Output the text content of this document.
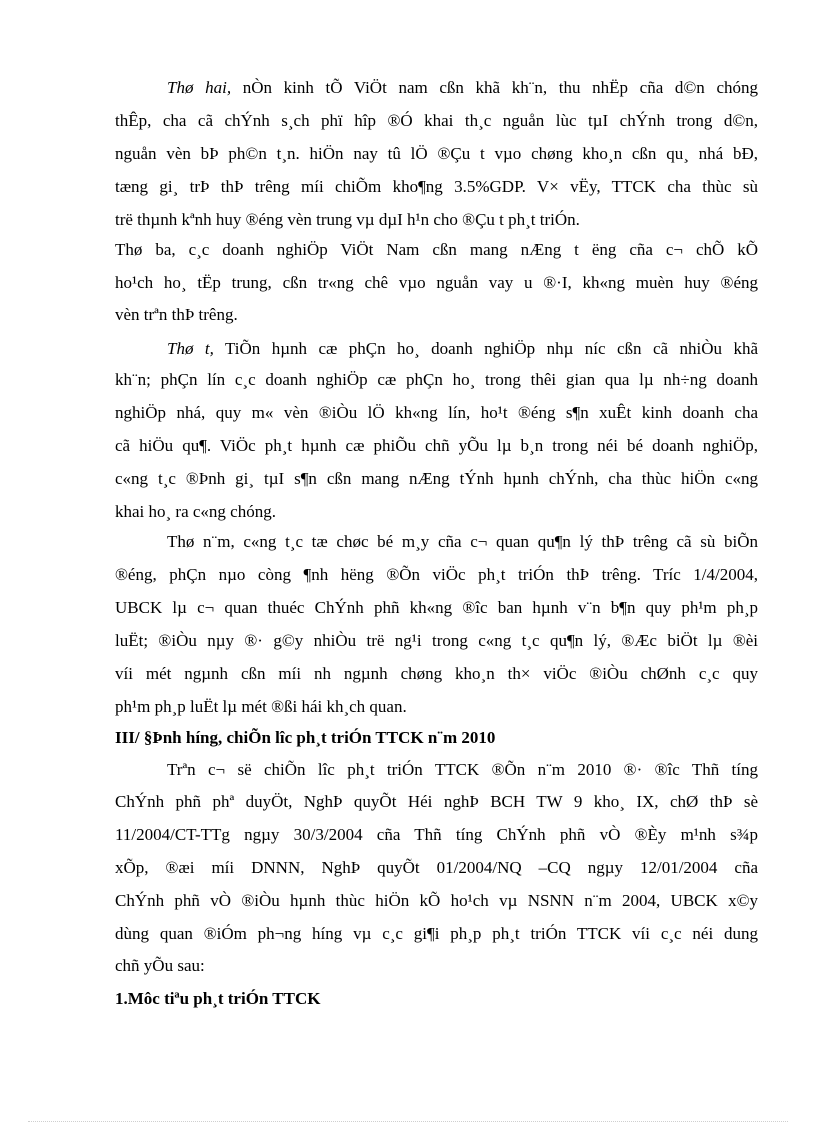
Thø hai, nÒn kinh tÕ ViÖt nam cßn khã kh¨n, thu nhËp cña d©n chóng
thÊp, cha cã chÝnh s¸ch phï hîp ®Ó khai th¸c nguån lùc tµI chÝnh trong d©n,
nguån vèn bÞ ph©n t¸n. hiÖn nay tû lÖ ®Çu t vµo chøng kho¸n cßn qu¸ nhá bÐ,
tæng gi¸ trÞ thÞ trêng míi chiÕm kho¶ng 3.5%GDP. V× vËy, TTCK cha thùc sù
trë thµnh kªnh huy ®éng vèn trung vµ dµI h¹n cho ®Çu t ph¸t triÓn.
Thø ba, c¸c doanh nghiÖp ViÖt Nam cßn mang nÆng t ëng cña c¬ chÕ kÕ
ho¹ch ho¸ tËp trung, cßn tr«ng chê vµo nguån vay u ®·I, kh«ng muèn huy ®éng
vèn trªn thÞ trêng.
Thø t, TiÕn hµnh cæ phÇn ho¸ doanh nghiÖp nhµ níc cßn cã nhiÒu khã
kh¨n; phÇn lín c¸c doanh nghiÖp cæ phÇn ho¸ trong thêi gian qua lµ nh÷ng doanh
nghiÖp nhá, quy m« vèn ®iÒu lÖ kh«ng lín, ho¹t ®éng s¶n xuÊt kinh doanh cha
cã hiÖu qu¶. ViÖc ph¸t hµnh cæ phiÕu chñ yÕu lµ b¸n trong néi bé doanh nghiÖp,
c«ng t¸c ®Þnh gi¸ tµI s¶n cßn mang nÆng tÝnh hµnh chÝnh, cha thùc hiÖn c«ng
khai ho¸ ra c«ng chóng.
Thø n¨m, c«ng t¸c tæ chøc bé m¸y cña c¬ quan qu¶n lý thÞ trêng cã sù biÕn
®éng, phÇn nµo còng ¶nh hëng ®Õn viÖc ph¸t triÓn thÞ trêng. Tríc 1/4/2004,
UBCK lµ c¬ quan thuéc ChÝnh phñ kh«ng ®îc ban hµnh v¨n b¶n quy ph¹m ph¸p
luËt; ®iÒu nµy ®· g©y nhiÒu trë ng¹i trong c«ng t¸c qu¶n lý, ®Æc biÖt lµ ®èi
víi mét ngµnh cßn míi nh ngµnh chøng kho¸n th× viÖc ®iÒu chØnh c¸c quy
ph¹m ph¸p luËt lµ mét ®ßi hái kh¸ch quan.
III/ §Þnh híng, chiÕn lîc ph¸t triÓn TTCK n¨m 2010
Trªn c¬ së chiÕn lîc ph¸t triÓn TTCK ®Õn n¨m 2010 ®· ®îc Thñ tíng
ChÝnh phñ phª duyÖt, NghÞ quyÕt Héi nghÞ BCH TW 9 kho¸ IX, chØ thÞ sè
11/2004/CT-TTg ngµy 30/3/2004 cña Thñ tíng ChÝnh phñ vÒ ®Èy m¹nh s¾p
xÕp, ®æi míi DNNN, NghÞ quyÕt 01/2004/NQ –CQ ngµy 12/01/2004 cña
ChÝnh phñ vÒ ®iÒu hµnh thùc hiÖn kÕ ho¹ch vµ NSNN n¨m 2004, UBCK x©y
dùng quan ®iÓm ph¬ng híng vµ c¸c gi¶i ph¸p ph¸t triÓn TTCK víi c¸c néi dung
chñ yÕu sau:
1.Môc tiªu ph¸t triÓn TTCK
